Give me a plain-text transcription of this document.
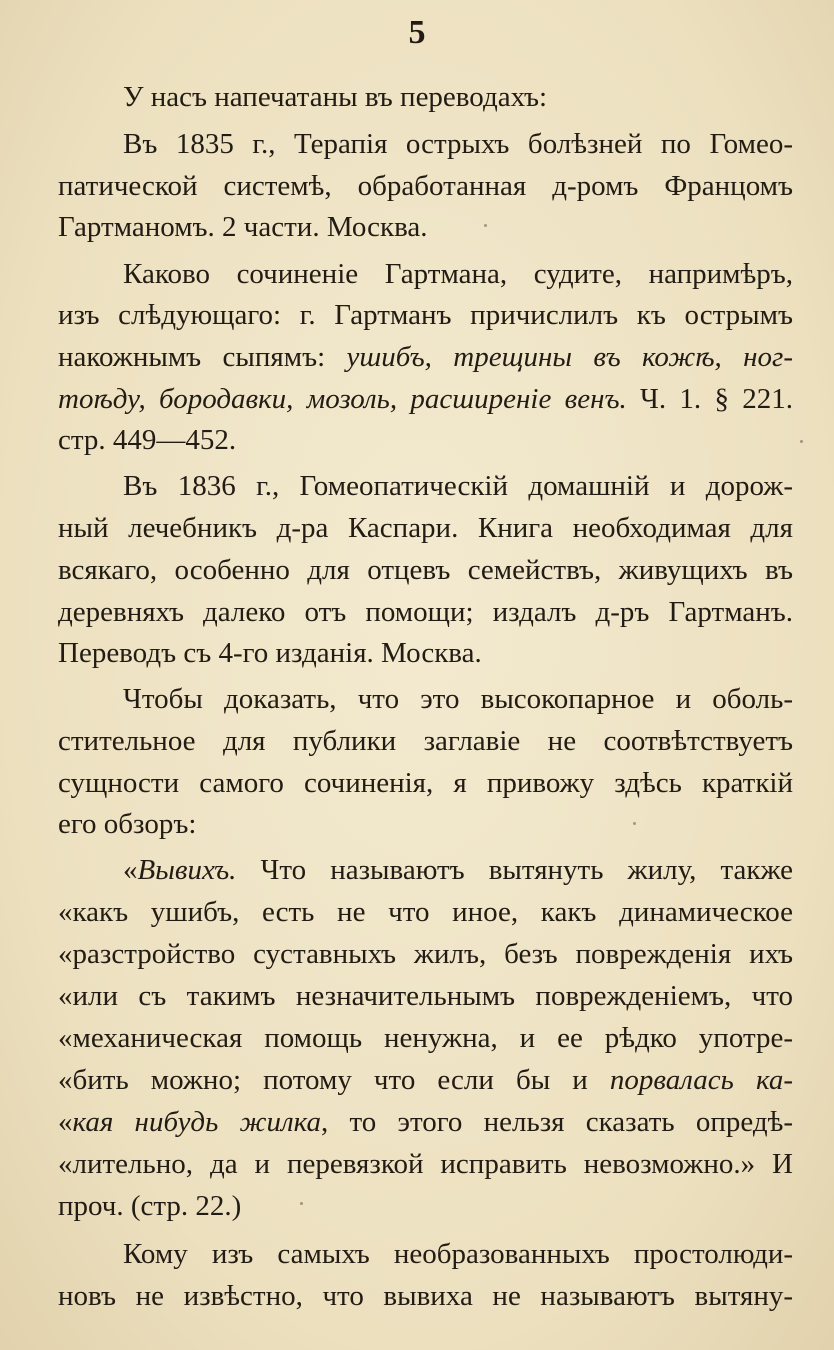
5
У насъ напечатаны въ переводахъ:
Въ 1835 г., Терапія острыхъ болѣзней по Гомео-
патической системѣ, обработанная д-ромъ Францомъ
Гартманомъ. 2 части. Москва.
Каково сочиненіе Гартмана, судите, напримѣръ,
изъ слѣдующаго: г. Гартманъ причислилъ къ острымъ
накожнымъ сыпямъ: ушибъ, трещины въ кожѣ, ног-
тоѣду, бородавки, мозоль, расширеніе венъ. Ч. 1. § 221.
стр. 449—452.
Въ 1836 г., Гомеопатическій домашній и дорож-
ный лечебникъ д-ра Каспари. Книга необходимая для
всякаго, особенно для отцевъ семействъ, живущихъ въ
деревняхъ далеко отъ помощи; издалъ д-ръ Гартманъ.
Переводъ съ 4-го изданія. Москва.
Чтобы доказать, что это высокопарное и оболь-
стительное для публики заглавіе не соотвѣтствуетъ
сущности самого сочиненія, я привожу здѣсь краткій
его обзоръ:
«Вывихъ. Что называютъ вытянуть жилу, также
«какъ ушибъ, есть не что иное, какъ динамическое
«разстройство суставныхъ жилъ, безъ поврежденія ихъ
«или съ такимъ незначительнымъ поврежденіемъ, что
«механическая помощь ненужна, и ее рѣдко употре-
«бить можно; потому что если бы и порвалась ка-
«кая нибудь жилка, то этого нельзя сказать опредѣ-
«лительно, да и перевязкой исправить невозможно.» И
проч. (стр. 22.)
Кому изъ самыхъ необразованныхъ простолюди-
новъ не извѣстно, что вывиха не называютъ вытяну-
